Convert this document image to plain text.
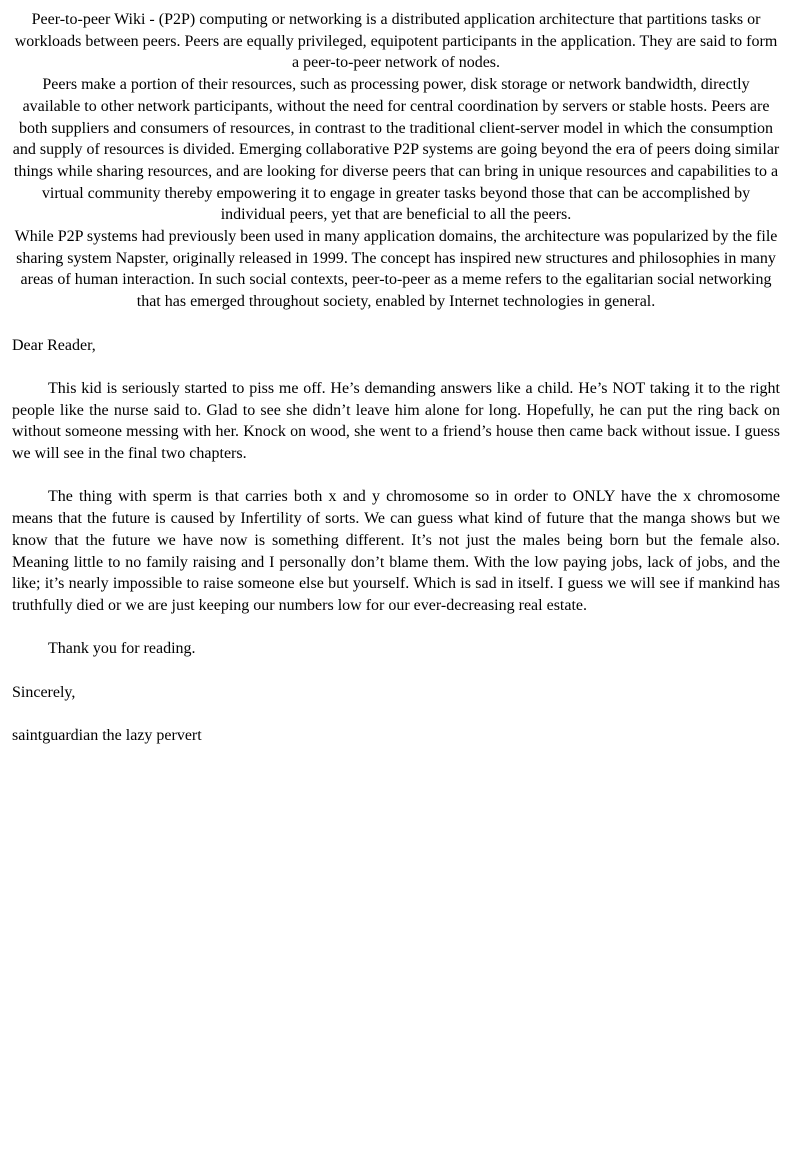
Peer-to-peer Wiki - (P2P) computing or networking is a distributed application architecture that partitions tasks or workloads between peers. Peers are equally privileged, equipotent participants in the application. They are said to form a peer-to-peer network of nodes.

Peers make a portion of their resources, such as processing power, disk storage or network bandwidth, directly available to other network participants, without the need for central coordination by servers or stable hosts. Peers are both suppliers and consumers of resources, in contrast to the traditional client-server model in which the consumption and supply of resources is divided. Emerging collaborative P2P systems are going beyond the era of peers doing similar things while sharing resources, and are looking for diverse peers that can bring in unique resources and capabilities to a virtual community thereby empowering it to engage in greater tasks beyond those that can be accomplished by individual peers, yet that are beneficial to all the peers.

While P2P systems had previously been used in many application domains, the architecture was popularized by the file sharing system Napster, originally released in 1999. The concept has inspired new structures and philosophies in many areas of human interaction. In such social contexts, peer-to-peer as a meme refers to the egalitarian social networking that has emerged throughout society, enabled by Internet technologies in general.

Dear Reader,

This kid is seriously started to piss me off. He’s demanding answers like a child. He’s NOT taking it to the right people like the nurse said to. Glad to see she didn’t leave him alone for long. Hopefully, he can put the ring back on without someone messing with her. Knock on wood, she went to a friend’s house then came back without issue. I guess we will see in the final two chapters.

The thing with sperm is that carries both x and y chromosome so in order to ONLY have the x chromosome means that the future is caused by Infertility of sorts. We can guess what kind of future that the manga shows but we know that the future we have now is something different. It’s not just the males being born but the female also. Meaning little to no family raising and I personally don’t blame them. With the low paying jobs, lack of jobs, and the like; it’s nearly impossible to raise someone else but yourself. Which is sad in itself. I guess we will see if mankind has truthfully died or we are just keeping our numbers low for our ever-decreasing real estate.

Thank you for reading.

Sincerely,

saintguardian the lazy pervert
